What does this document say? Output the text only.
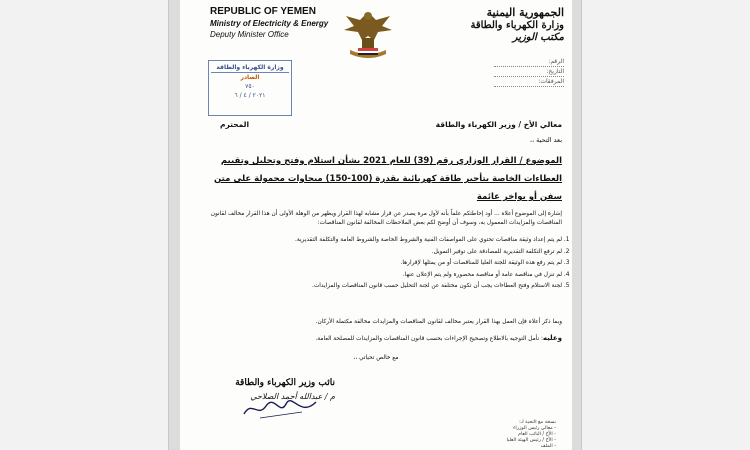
REPUBLIC OF YEMEN
Ministry of Electricity & Energy
Deputy Minister Office
الجمهورية اليمنية
وزارة الكهرباء والطاقة
مكتب الوزير
الرقم:
التاريخ:
المرفقات:
وزارة الكهرباء والطاقة
الصادر
٧٥٠
٢٠٢١ / ٤ / ٦
معالي الأخ / وزير الكهرباء والطاقة
المحترم
بعد التحية ،،
الموضوع / القرار الوزاري رقم (39) للعام 2021 بشأن استلام وفتح وتحليل وتقييم العطاءات الخاصة بتأجير طاقة كهربائية بقدرة (100-150) ميجاوات محمولة على متن سفن أو بواخر عائمة
إشارة إلى الموضوع أعلاه ... أود إحاطتكم علماً بأنه لأول مرة يصدر عن قرار مشابه لهذا القرار ويظهر من الوهلة الأولى أن هذا القرار مخالف لقانون المناقصات والمزايدات المعمول به، وسوف أن أوضح لكم بعض الملاحظات المخالفة لقانون المناقصات:
1. لم يتم إعداد وثيقة مناقصات تحتوي على المواصفات الفنية والشروط الخاصة والشروط العامة والتكلفة التقديرية.
2. لم ترفع التكلفة التقديرية للمصادقة على توفير التمويل.
3. لم يتم رفع هذه الوثيقة للجنة العليا للمناقصات أو من يمثلها لإقرارها.
4. لم تنزل في مناقصة عامة أو مناقصة محصورة ولم يتم الإعلان عنها.
5. لجنة الاستلام وفتح العطاءات يجب أن تكون مختلفة عن لجنة التحليل حسب قانون المناقصات والمزايدات.
وبما ذكر أعلاه فإن العمل بهذا القرار يعتبر مخالف لقانون المناقصات والمزايدات مخالفة مكتملة الأركان.
وعليه: نأمل التوجيه بالاطلاع وتصحيح الإجراءات بحسب قانون المناقصات والمزايدات للمصلحة العامة.
مع خالص تحياتي ،،
نائب وزير الكهرباء والطاقة
م / عبدالله أحمد الصلاحي
نسخة مع التحية لـ:
- معالي رئيس الوزراء
- الأخ / النائب العام
- الأخ / رئيس الهيئة العليا
- الملف
